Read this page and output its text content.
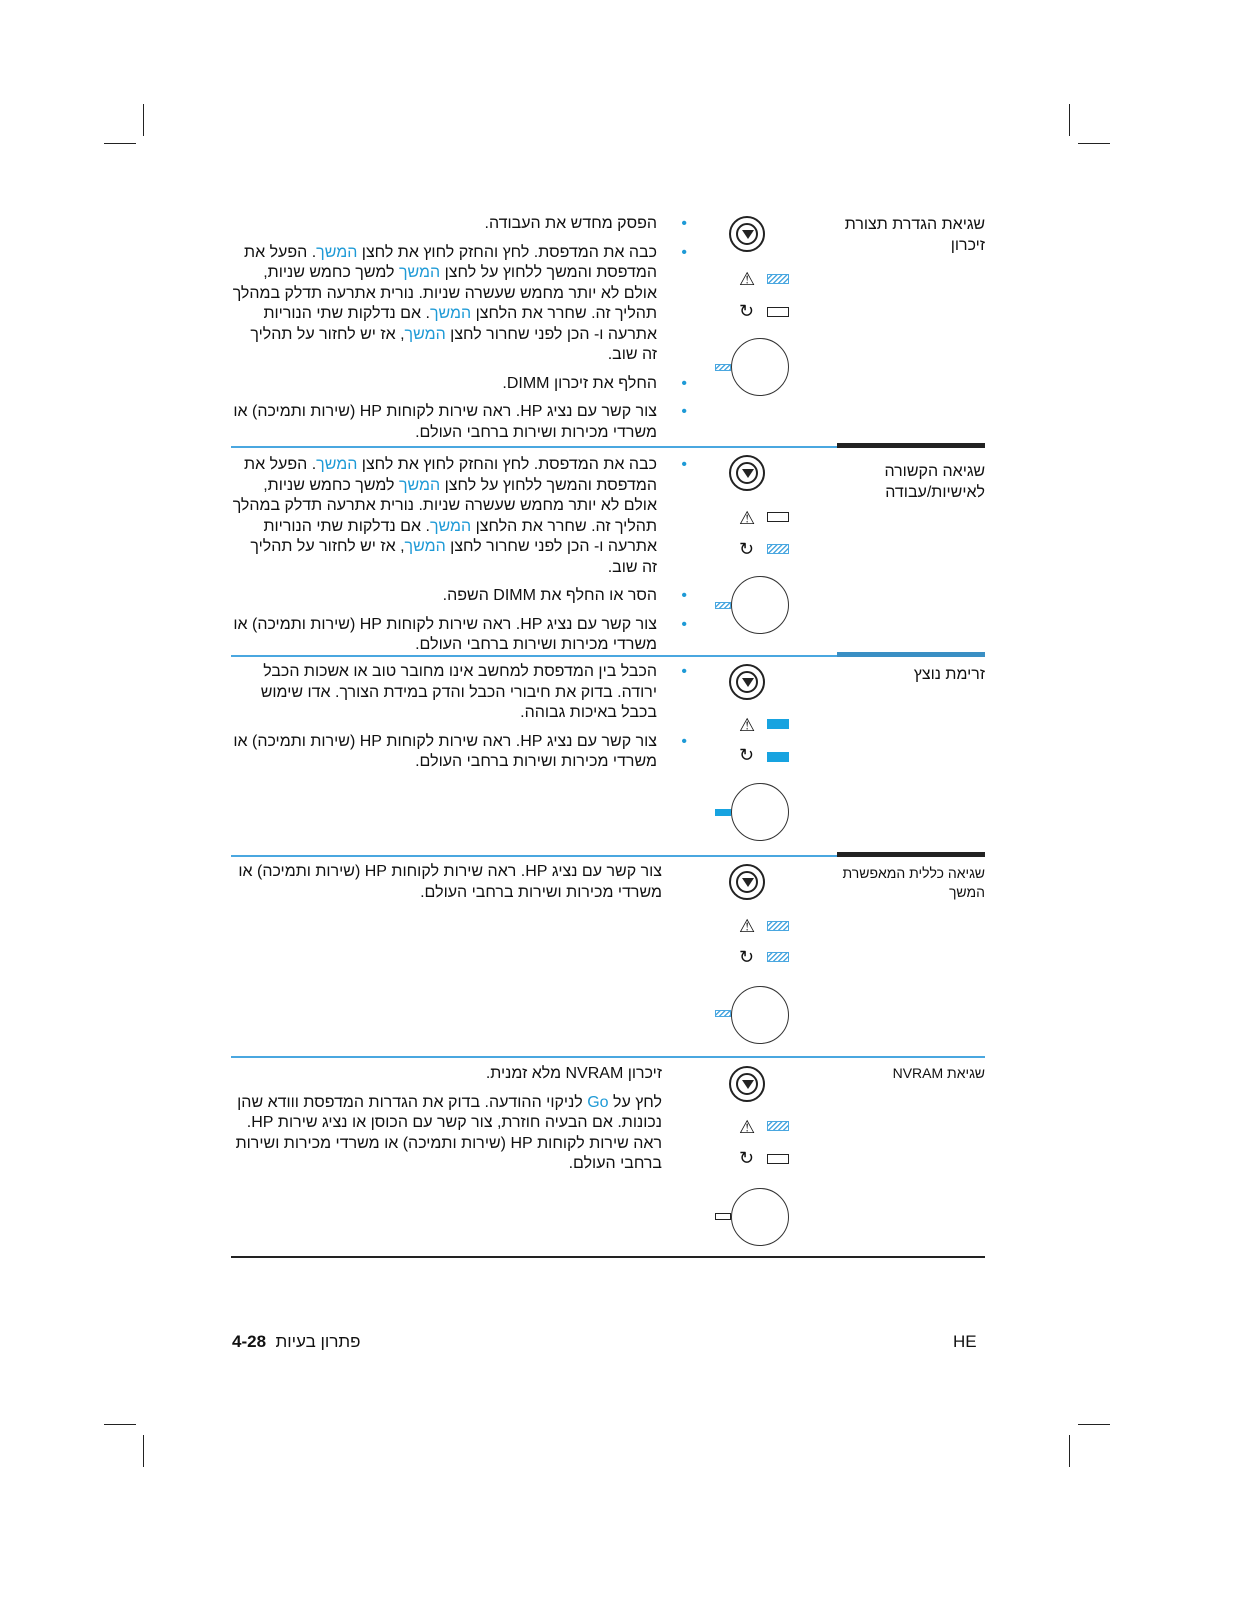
שגיאת הגדרת תצורת זיכרון
⚠
↻
•
הפסק מחדש את העבודה.
•
כבה את המדפסת. לחץ והחזק לחוץ את לחצן המשך. הפעל את המדפסת והמשך ללחוץ על לחצן המשך למשך כחמש שניות, אולם לא יותר מחמש שעשרה שניות. נורית אתרעה תדלק במהלך תהליך זה. שחרר את הלחצן המשך. אם נדלקות שתי הנוריות אתרעה ו- הכן לפני שחרור לחצן המשך, אז יש לחזור על תהליך זה שוב.
•
החלף את זיכרון DIMM.
•
צור קשר עם נציג HP. ראה שירות לקוחות HP (שירות ותמיכה) או משרדי מכירות ושירות ברחבי העולם.
שגיאה הקשורה לאישיות/עבודה
⚠
↻
•
כבה את המדפסת. לחץ והחזק לחוץ את לחצן המשך. הפעל את המדפסת והמשך ללחוץ על לחצן המשך למשך כחמש שניות, אולם לא יותר מחמש שעשרה שניות. נורית אתרעה תדלק במהלך תהליך זה. שחרר את הלחצן המשך. אם נדלקות שתי הנוריות אתרעה ו- הכן לפני שחרור לחצן המשך, אז יש לחזור על תהליך זה שוב.
•
הסר או החלף את DIMM השפה.
•
צור קשר עם נציג HP. ראה שירות לקוחות HP (שירות ותמיכה) או משרדי מכירות ושירות ברחבי העולם.
זרימת נוצץ
⚠
↻
•
הכבל בין המדפסת למחשב אינו מחובר טוב או אשכות הכבל ירודה. בדוק את חיבורי הכבל והדק במידת הצורך. אדו שימוש בכבל באיכות גבוהה.
•
צור קשר עם נציג HP. ראה שירות לקוחות HP (שירות ותמיכה) או משרדי מכירות ושירות ברחבי העולם.
שגיאה כללית המאפשרת המשך
⚠
↻
צור קשר עם נציג HP. ראה שירות לקוחות HP (שירות ותמיכה) או משרדי מכירות ושירות ברחבי העולם.
שגיאת NVRAM
⚠
↻
זיכרון NVRAM מלא זמנית.
לחץ על Go לניקוי ההודעה. בדוק את הגדרות המדפסת ווודא שהן נכונות. אם הבעיה חוזרת, צור קשר עם הכוסן או נציג שירות HP. ראה שירות לקוחות HP (שירות ותמיכה) או משרדי מכירות ושירות ברחבי העולם.
פתרון בעיות  4-28	HE
